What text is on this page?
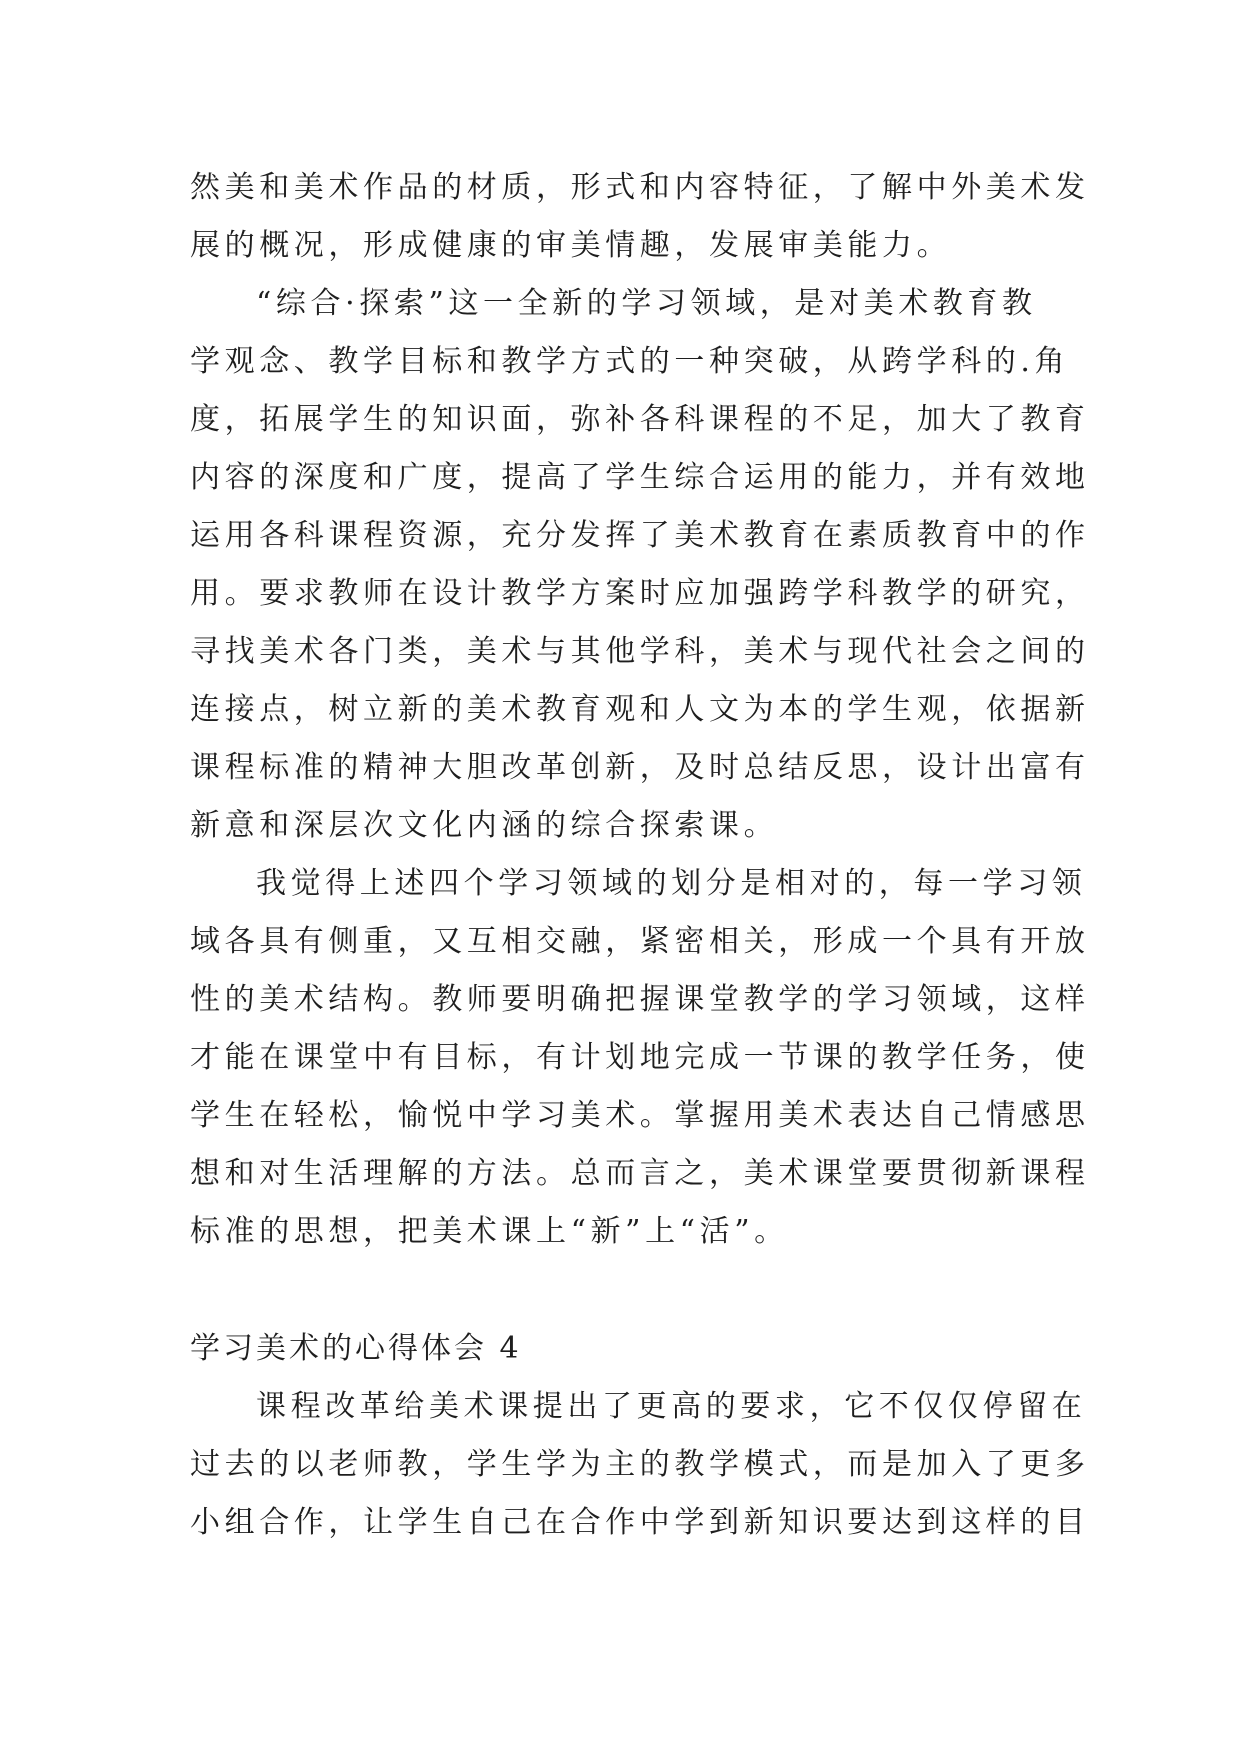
然美和美术作品的材质，形式和内容特征，了解中外美术发
展的概况，形成健康的审美情趣，发展审美能力。
“综合·探索”这一全新的学习领域，是对美术教育教
学观念、教学目标和教学方式的一种突破，从跨学科的.角
度，拓展学生的知识面，弥补各科课程的不足，加大了教育
内容的深度和广度，提高了学生综合运用的能力，并有效地
运用各科课程资源，充分发挥了美术教育在素质教育中的作
用。要求教师在设计教学方案时应加强跨学科教学的研究，
寻找美术各门类，美术与其他学科，美术与现代社会之间的
连接点，树立新的美术教育观和人文为本的学生观，依据新
课程标准的精神大胆改革创新，及时总结反思，设计出富有
新意和深层次文化内涵的综合探索课。
我觉得上述四个学习领域的划分是相对的，每一学习领
域各具有侧重，又互相交融，紧密相关，形成一个具有开放
性的美术结构。教师要明确把握课堂教学的学习领域，这样
才能在课堂中有目标，有计划地完成一节课的教学任务，使
学生在轻松，愉悦中学习美术。掌握用美术表达自己情感思
想和对生活理解的方法。总而言之，美术课堂要贯彻新课程
标准的思想，把美术课上“新”上“活”。
学习美术的心得体会 4
课程改革给美术课提出了更高的要求，它不仅仅停留在
过去的以老师教，学生学为主的教学模式，而是加入了更多
小组合作，让学生自己在合作中学到新知识要达到这样的目
